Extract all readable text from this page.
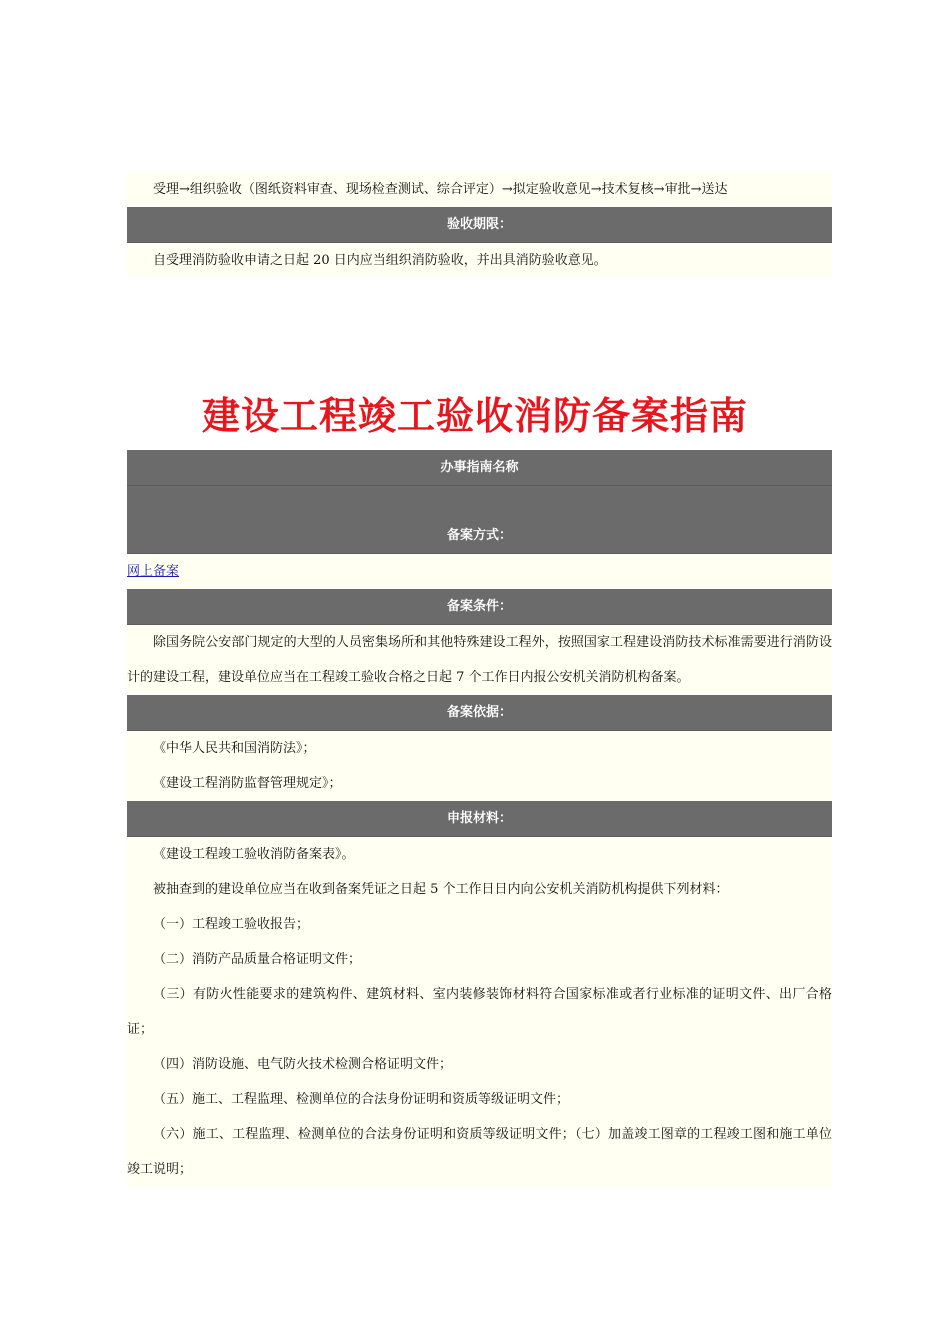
受理→组织验收（图纸资料审查、现场检查测试、综合评定）→拟定验收意见→技术复核→审批→送达

验收期限：

自受理消防验收申请之日起 20 日内应当组织消防验收，并出具消防验收意见。

建设工程竣工验收消防备案指南
办事指南名称
备案方式：

网上备案

备案条件：

除国务院公安部门规定的大型的人员密集场所和其他特殊建设工程外，按照国家工程建设消防技术标准需要进行消防设计的建设工程，建设单位应当在工程竣工验收合格之日起 7 个工作日内报公安机关消防机构备案。

备案依据：

《中华人民共和国消防法》；

《建设工程消防监督管理规定》；

申报材料：

《建设工程竣工验收消防备案表》。

被抽查到的建设单位应当在收到备案凭证之日起 5 个工作日日内向公安机关消防机构提供下列材料：

（一）工程竣工验收报告；

（二）消防产品质量合格证明文件；

（三）有防火性能要求的建筑构件、建筑材料、室内装修装饰材料符合国家标准或者行业标准的证明文件、出厂合格证；

（四）消防设施、电气防火技术检测合格证明文件；

（五）施工、工程监理、检测单位的合法身份证明和资质等级证明文件；

（六）施工、工程监理、检测单位的合法身份证明和资质等级证明文件；（七）加盖竣工图章的工程竣工图和施工单位竣工说明；
